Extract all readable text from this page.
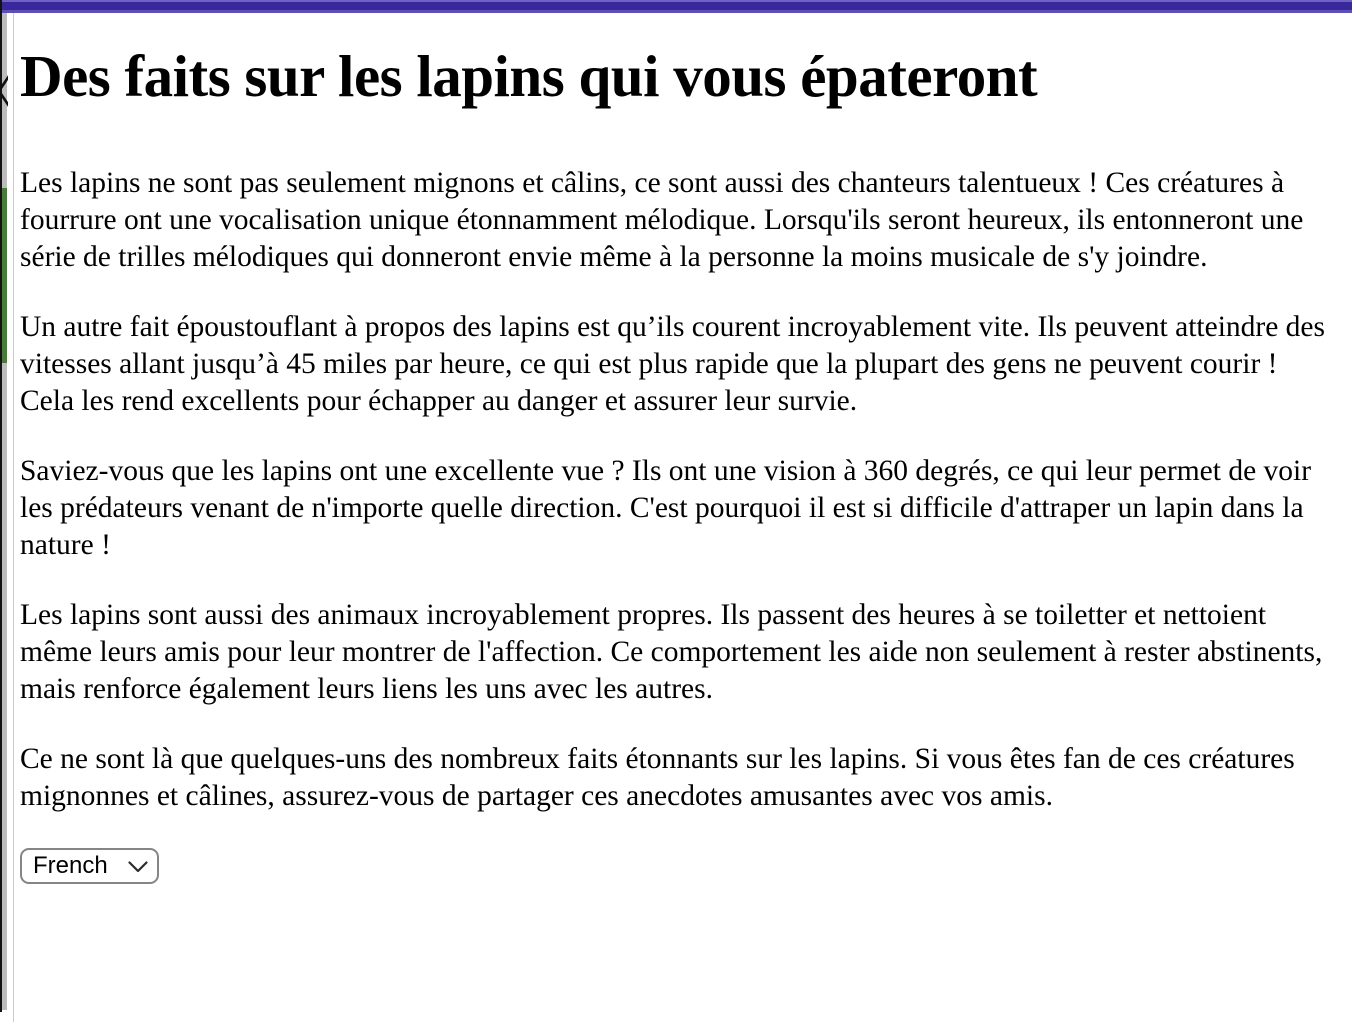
Des faits sur les lapins qui vous épateront

Les lapins ne sont pas seulement mignons et câlins, ce sont aussi des chanteurs talentueux ! Ces créatures à fourrure ont une vocalisation unique étonnamment mélodique. Lorsqu'ils seront heureux, ils entonneront une série de trilles mélodiques qui donneront envie même à la personne la moins musicale de s'y joindre.

Un autre fait époustouflant à propos des lapins est qu’ils courent incroyablement vite. Ils peuvent atteindre des vitesses allant jusqu’à 45 miles par heure, ce qui est plus rapide que la plupart des gens ne peuvent courir ! Cela les rend excellents pour échapper au danger et assurer leur survie.

Saviez-vous que les lapins ont une excellente vue ? Ils ont une vision à 360 degrés, ce qui leur permet de voir les prédateurs venant de n'importe quelle direction. C'est pourquoi il est si difficile d'attraper un lapin dans la nature !

Les lapins sont aussi des animaux incroyablement propres. Ils passent des heures à se toiletter et nettoient même leurs amis pour leur montrer de l'affection. Ce comportement les aide non seulement à rester abstinents, mais renforce également leurs liens les uns avec les autres.

Ce ne sont là que quelques-uns des nombreux faits étonnants sur les lapins. Si vous êtes fan de ces créatures mignonnes et câlines, assurez-vous de partager ces anecdotes amusantes avec vos amis.

French
